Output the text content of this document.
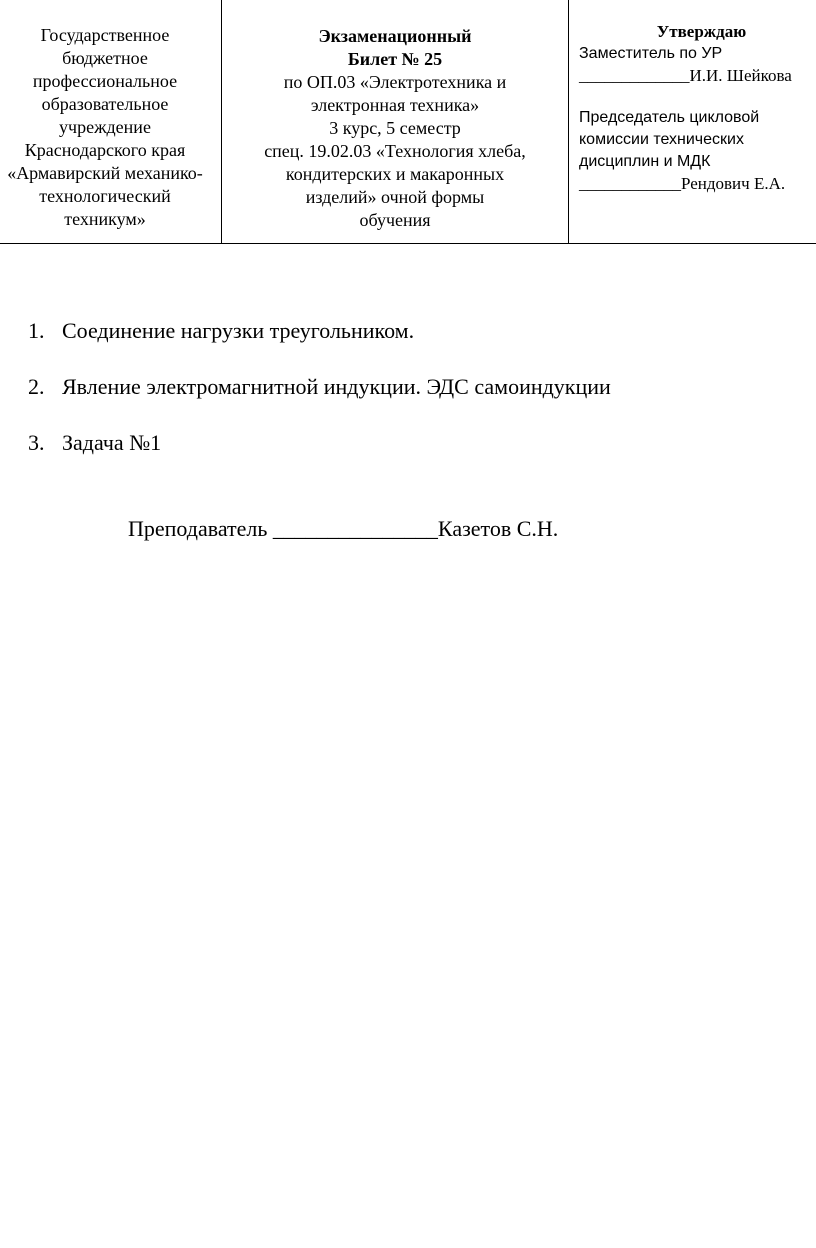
Государственное
бюджетное
профессиональное
образовательное
учреждение
Краснодарского края
«Армавирский механико-
технологический
техникум»

Экзаменационный
Билет № 25
по ОП.03 «Электротехника и
электронная техника»
3 курс, 5 семестр
спец. 19.02.03 «Технология хлеба,
кондитерских и макаронных
изделий» очной формы
обучения

Утверждаю
Заместитель по УР
_____________И.И. Шейкова
Председатель цикловой
комиссии технических
дисциплин и МДК
____________Рендович Е.А.
1. Соединение нагрузки треугольником.
2. Явление электромагнитной индукции. ЭДС самоиндукции
3. Задача №1
Преподаватель _______________Казетов С.Н.
